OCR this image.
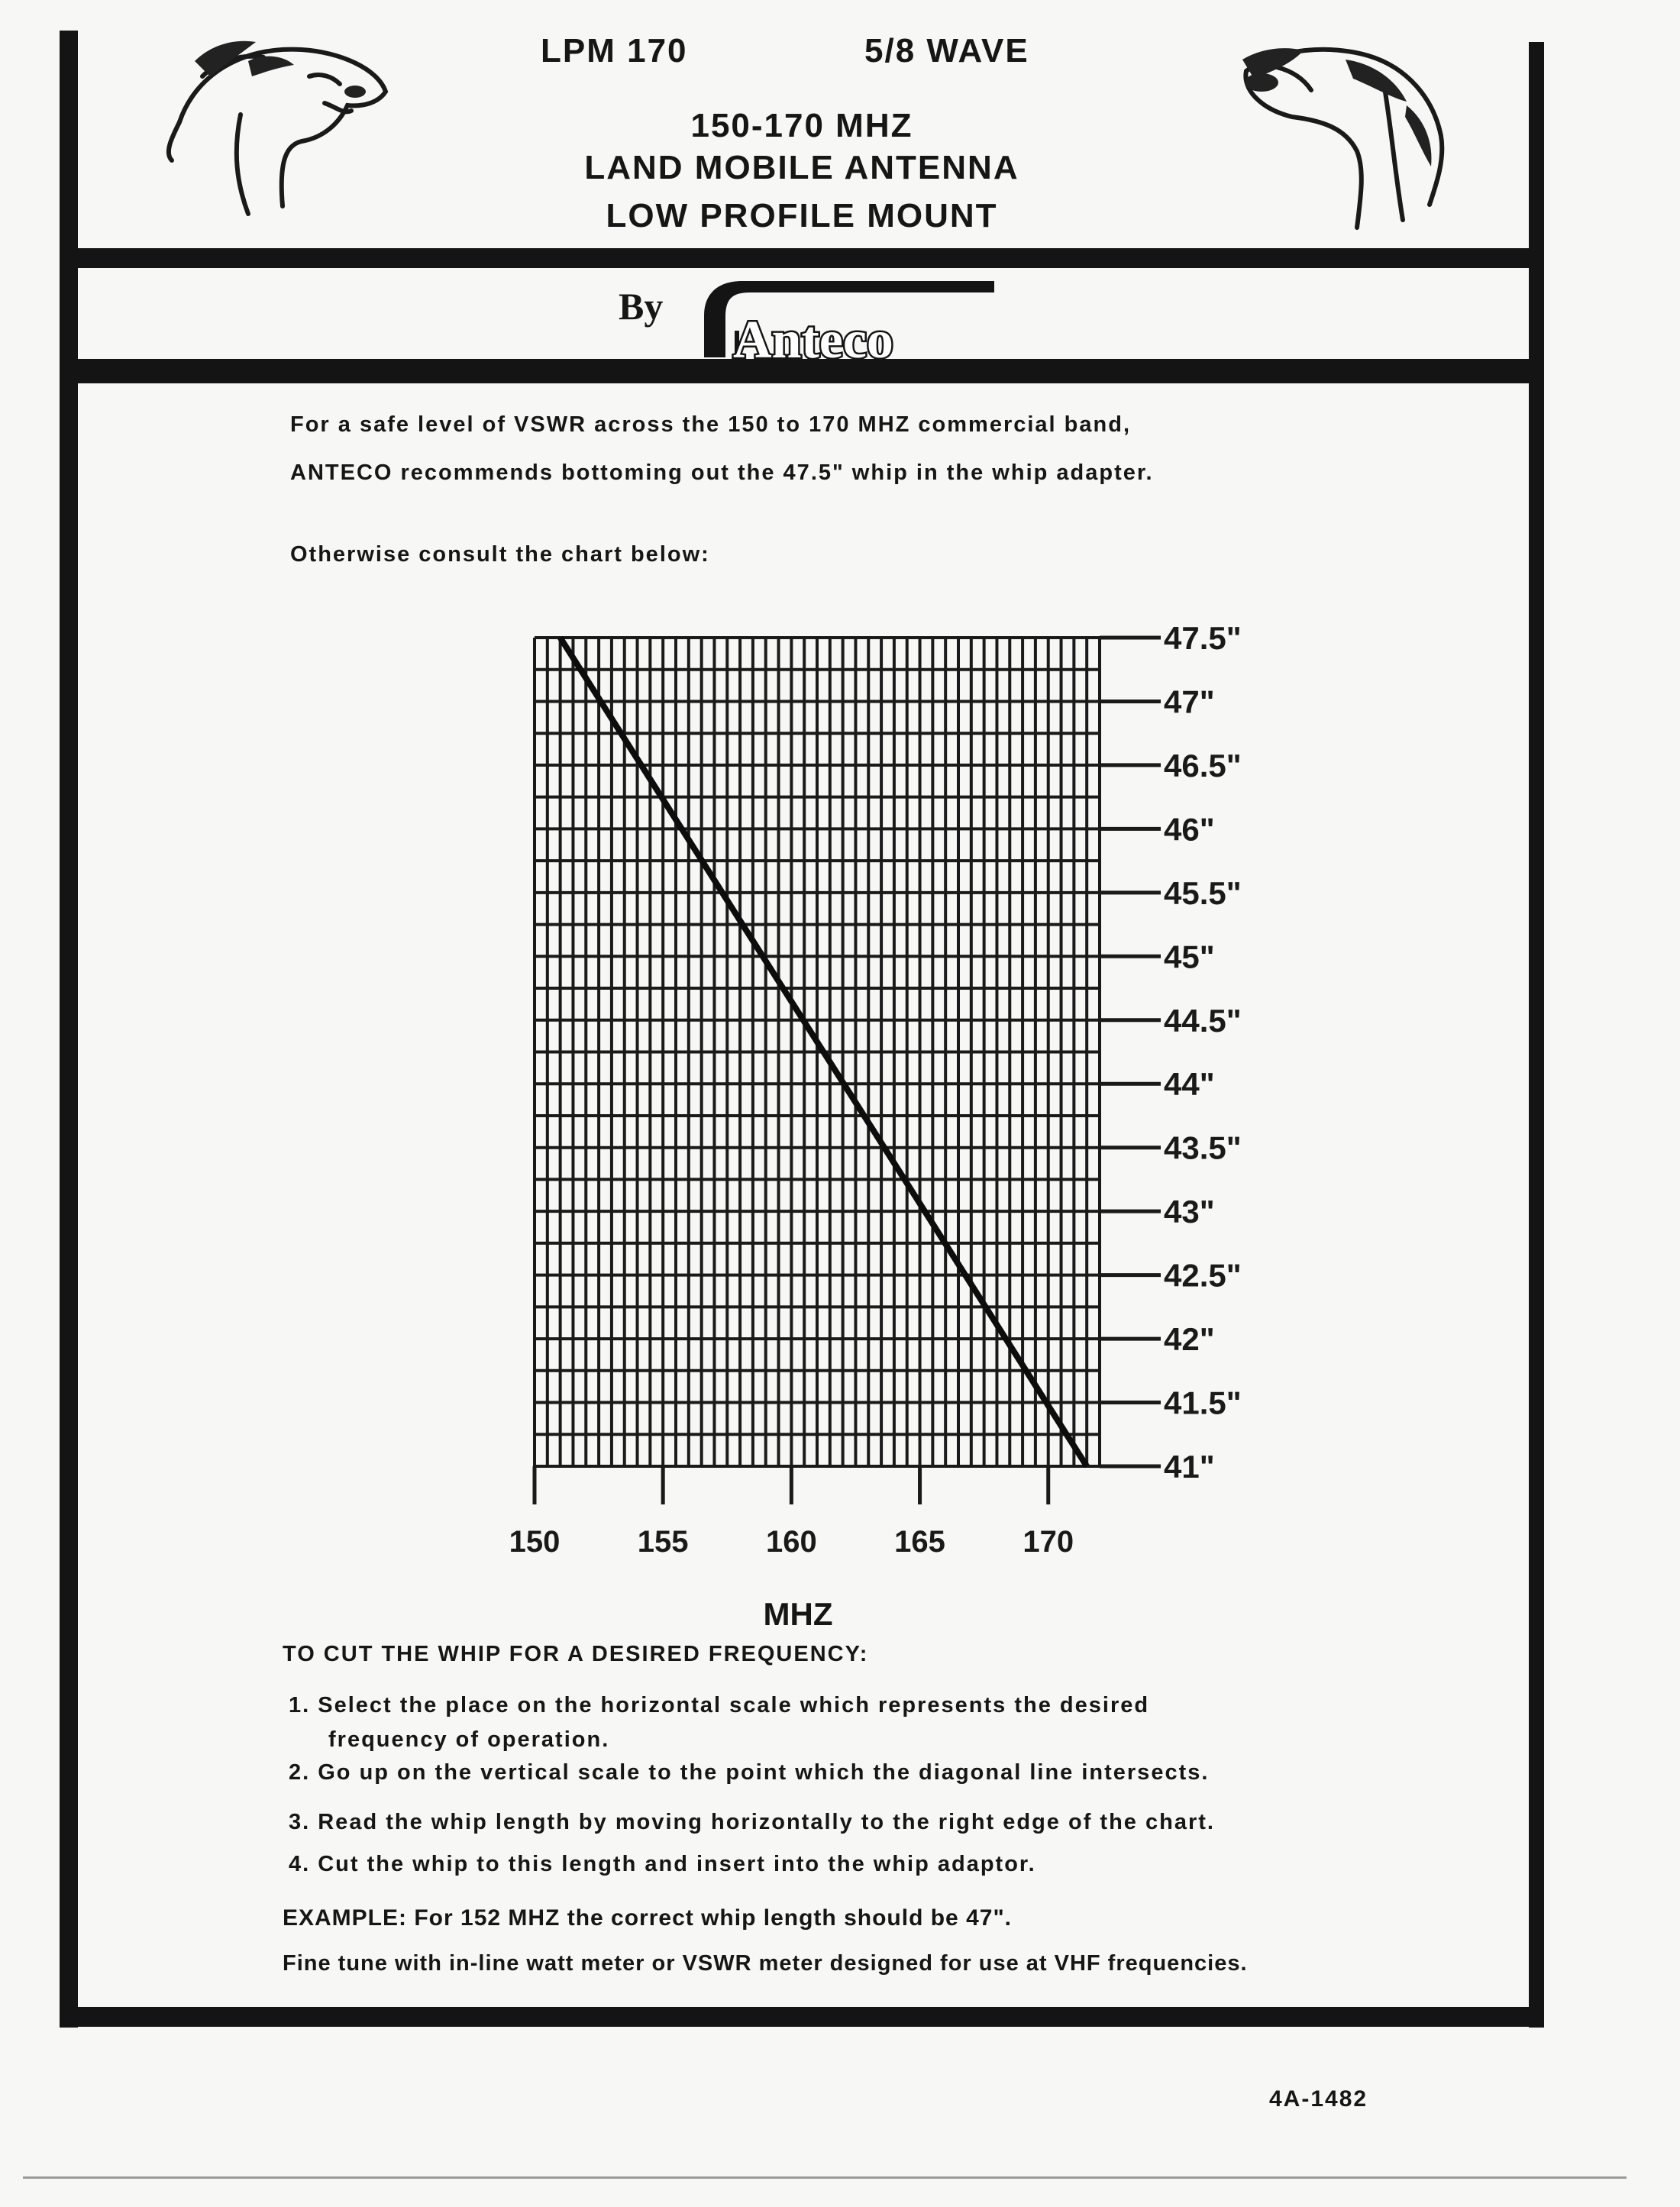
LPM 170	5/8 WAVE
150-170 MHZ
LAND MOBILE ANTENNA
LOW PROFILE MOUNT
By
Anteco
For a safe level of VSWR across the 150 to 170 MHZ commercial band,
ANTECO recommends bottoming out the 47.5" whip in the whip adapter.
Otherwise consult the chart below:
150	155	160	165	170
47.5"
47"
46.5"
46"
45.5"
45"
44.5"
44"
43.5"
43"
42.5"
42"
41.5"
41"
MHZ
TO CUT THE WHIP FOR A DESIRED FREQUENCY:
1. Select the place on the horizontal scale which represents the desired
frequency of operation.
2. Go up on the vertical scale to the point which the diagonal line intersects.
3. Read the whip length by moving horizontally to the right edge of the chart.
4. Cut the whip to this length and insert into the whip adaptor.
EXAMPLE: For 152 MHZ the correct whip length should be 47".
Fine tune with in-line watt meter or VSWR meter designed for use at VHF frequencies.
4A-1482
